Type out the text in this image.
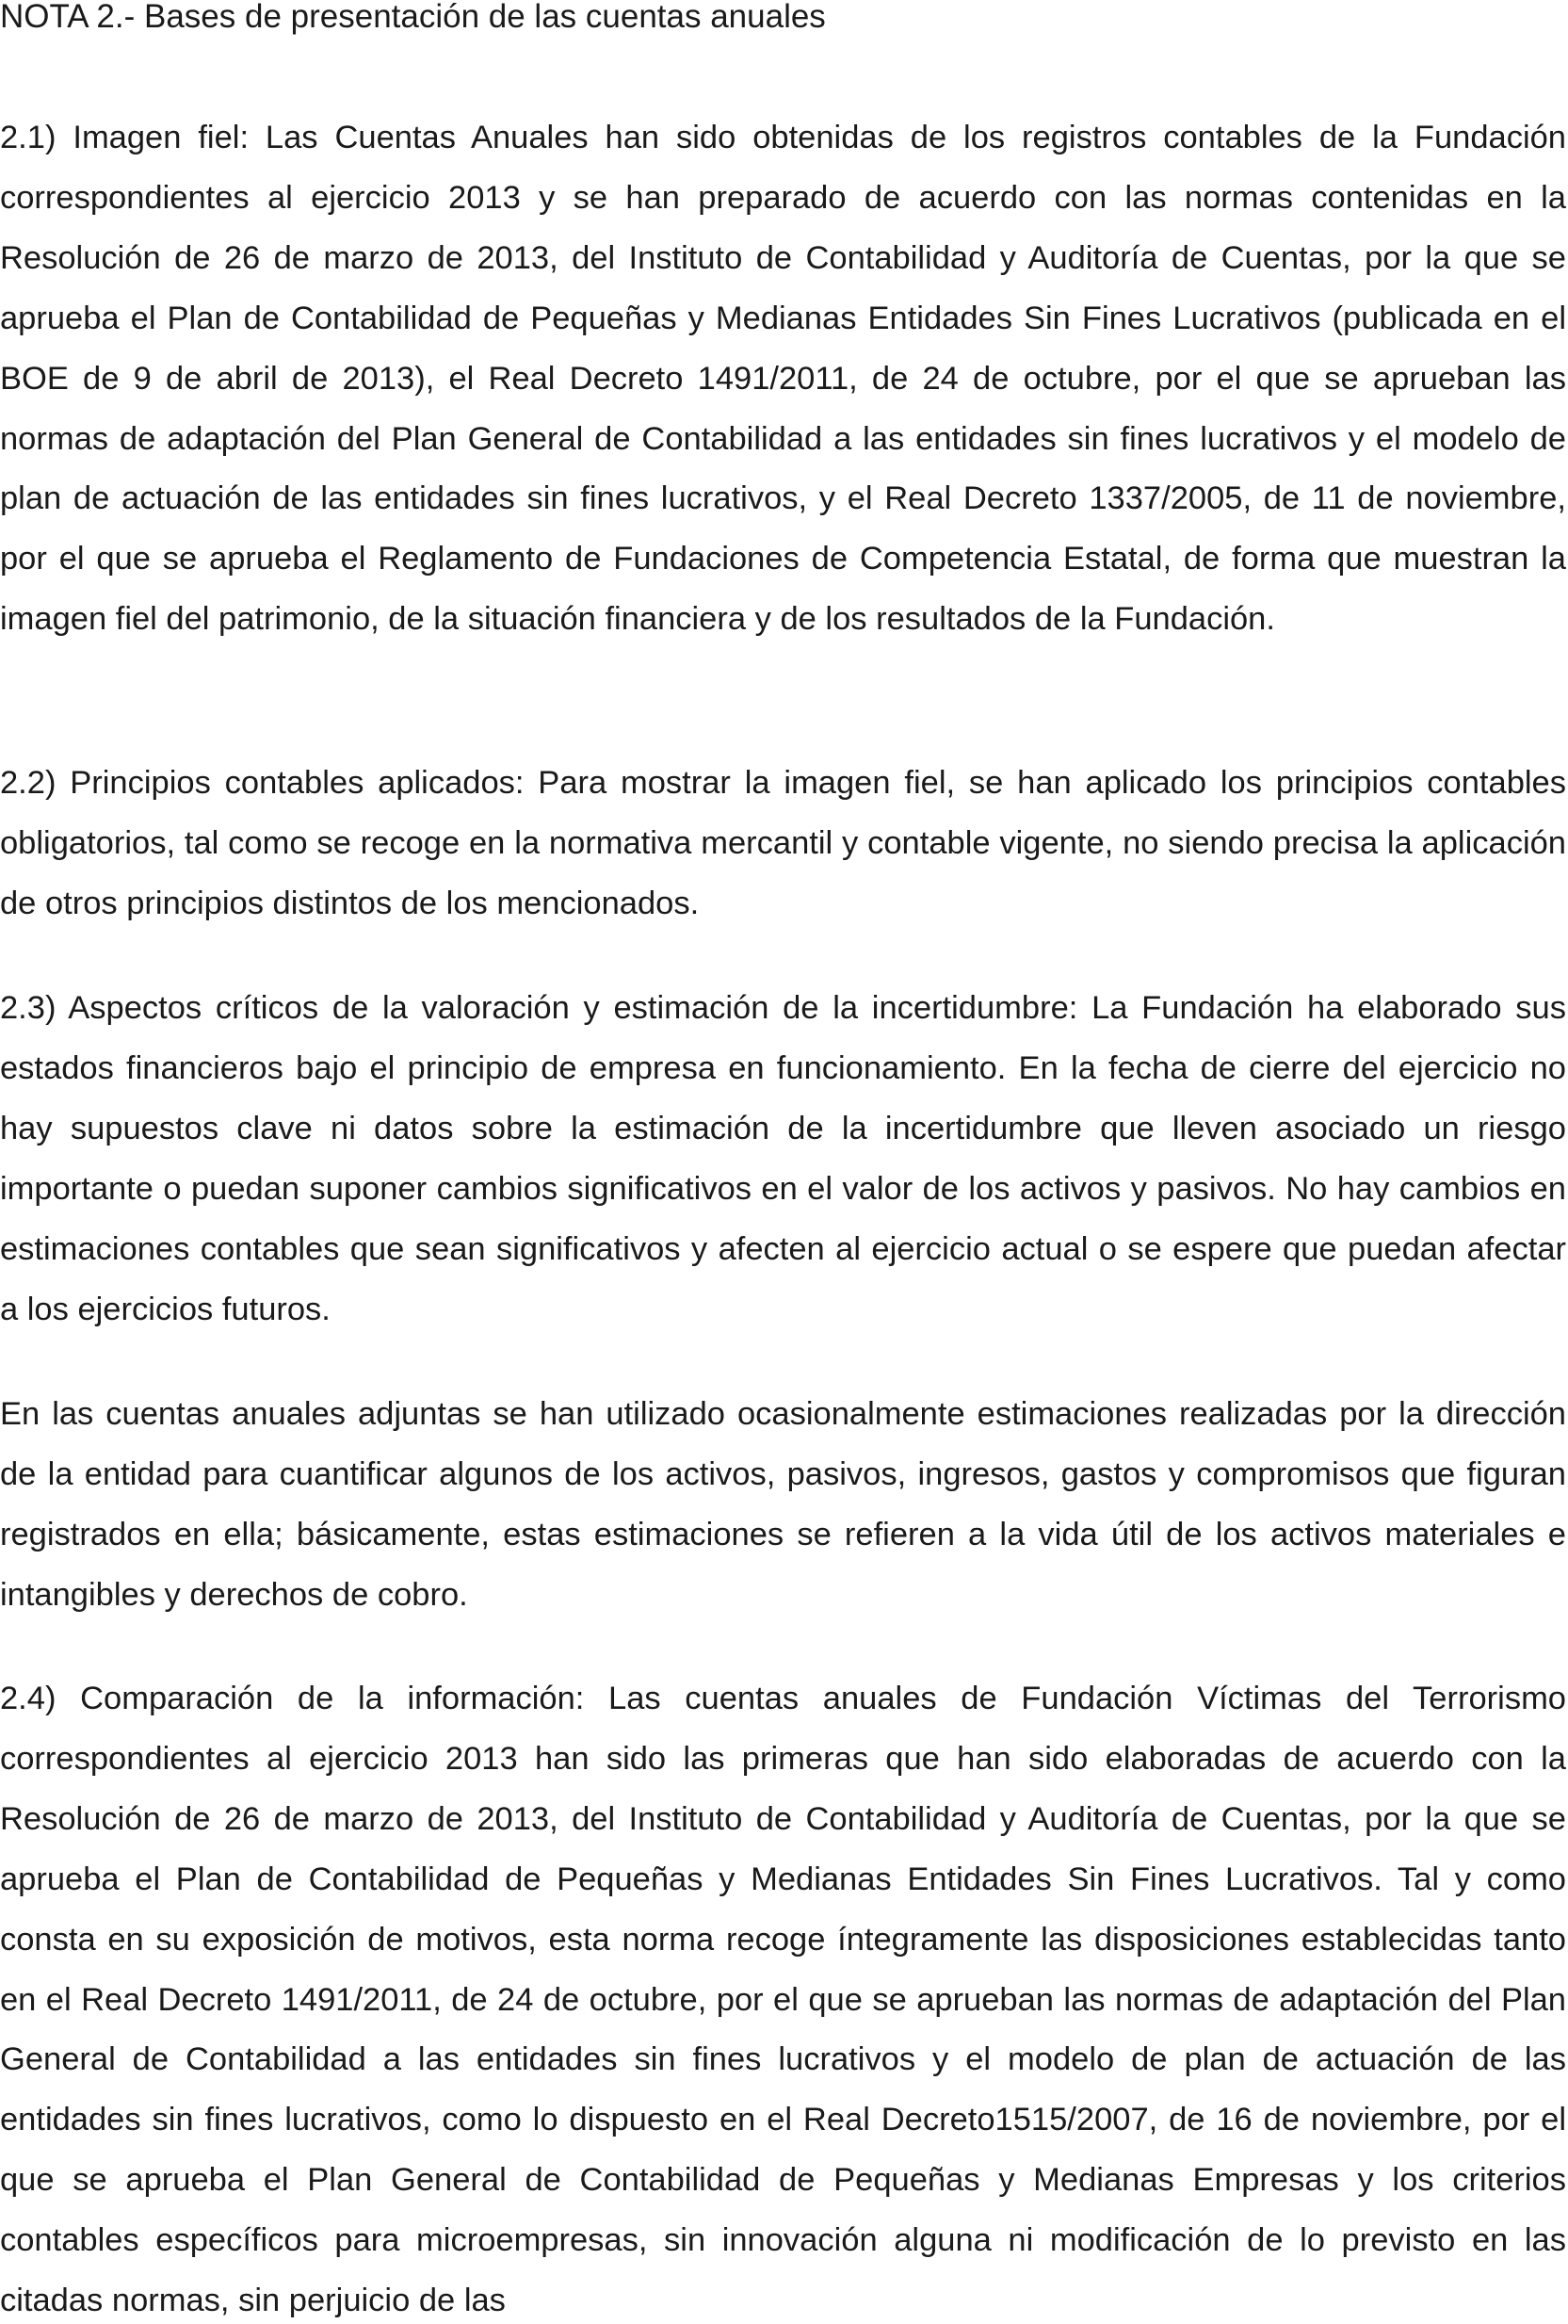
NOTA 2.- Bases de presentación de las cuentas anuales

2.1) Imagen fiel: Las Cuentas Anuales han sido obtenidas de los registros contables de la Fundación correspondientes al ejercicio 2013 y se han preparado de acuerdo con las normas contenidas en la Resolución de 26 de marzo de 2013, del Instituto de Contabilidad y Auditoría de Cuentas, por la que se aprueba el Plan de Contabilidad de Pequeñas y Medianas Entidades Sin Fines Lucrativos (publicada en el BOE de 9 de abril de 2013), el Real Decreto 1491/2011, de 24 de octubre, por el que se aprueban las normas de adaptación del Plan General de Contabilidad a las entidades sin fines lucrativos y el modelo de plan de actuación de las entidades sin fines lucrativos, y el Real Decreto 1337/2005, de 11 de noviembre, por el que se aprueba el Reglamento de Fundaciones de Competencia Estatal, de forma que muestran la imagen fiel del patrimonio, de la situación financiera y de los resultados de la Fundación.

2.2) Principios contables aplicados: Para mostrar la imagen fiel, se han aplicado los principios contables obligatorios, tal como se recoge en la normativa mercantil y contable vigente, no siendo precisa la aplicación de otros principios distintos de los mencionados.

2.3) Aspectos críticos de la valoración y estimación de la incertidumbre: La Fundación ha elaborado sus estados financieros bajo el principio de empresa en funcionamiento. En la fecha de cierre del ejercicio no hay supuestos clave ni datos sobre la estimación de la incertidumbre que lleven asociado un riesgo importante o puedan suponer cambios significativos en el valor de los activos y pasivos. No hay cambios en estimaciones contables que sean significativos y afecten al ejercicio actual o se espere que puedan afectar a los ejercicios futuros.

En las cuentas anuales adjuntas se han utilizado ocasionalmente estimaciones realizadas por la dirección de la entidad para cuantificar algunos de los activos, pasivos, ingresos, gastos y compromisos que figuran registrados en ella; básicamente, estas estimaciones se refieren a la vida útil de los activos materiales e intangibles y derechos de cobro.

2.4) Comparación de la información: Las cuentas anuales de Fundación Víctimas del Terrorismo correspondientes al ejercicio 2013 han sido las primeras que han sido elaboradas de acuerdo con la Resolución de 26 de marzo de 2013, del Instituto de Contabilidad y Auditoría de Cuentas, por la que se aprueba el Plan de Contabilidad de Pequeñas y Medianas Entidades Sin Fines Lucrativos. Tal y como consta en su exposición de motivos, esta norma recoge íntegramente las disposiciones establecidas tanto en el Real Decreto 1491/2011, de 24 de octubre, por el que se aprueban las normas de adaptación del Plan General de Contabilidad a las entidades sin fines lucrativos y el modelo de plan de actuación de las entidades sin fines lucrativos, como lo dispuesto en el Real Decreto1515/2007, de 16 de noviembre, por el que se aprueba el Plan General de Contabilidad de Pequeñas y Medianas Empresas y los criterios contables específicos para microempresas, sin innovación alguna ni modificación de lo previsto en las citadas normas, sin perjuicio de las
